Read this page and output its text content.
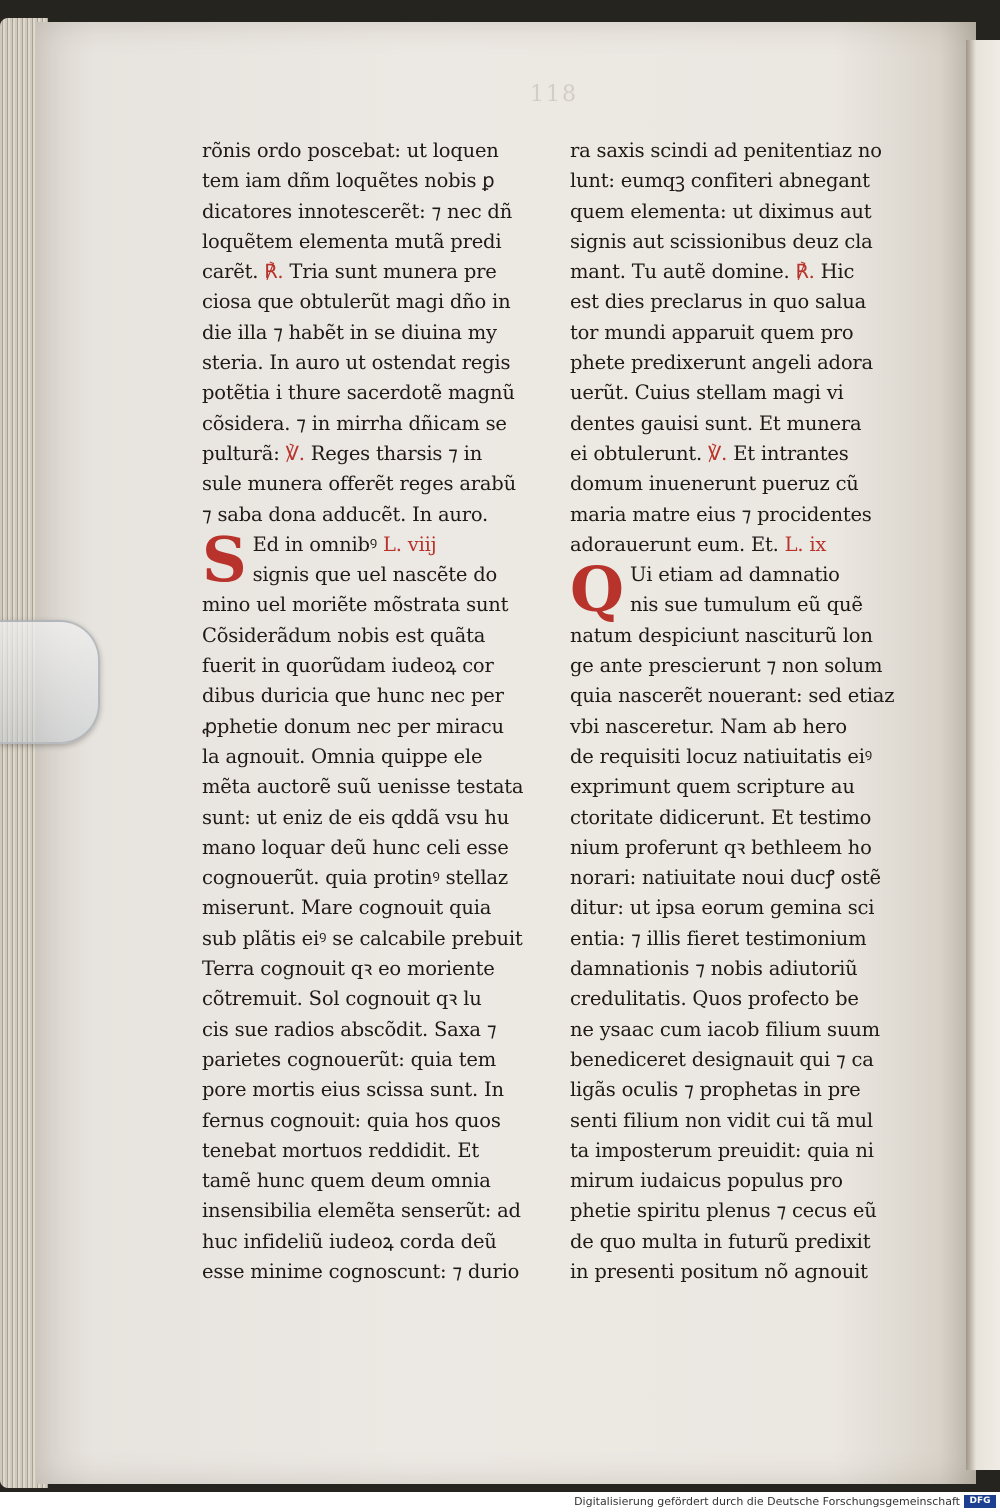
118
rõnis ordo poscebat: ut loquen
tem iam dñm loquẽtes nobis ꝑ
dicatores innotescerẽt: ⁊ nec dñ
loquẽtem elementa mutã predi
carẽt. ℟. Tria sunt munera pre
ciosa que obtulerũt magi dño in
die illa ⁊ habẽt in se diuina my
steria. In auro ut ostendat regis
potẽtia i thure sacerdotẽ magnũ
cõsidera. ⁊ in mirrha dñicam se
pulturã: ℣. Reges tharsis ⁊ in
sule munera offerẽt reges arabũ
⁊ saba dona adducẽt. In auro.
S Ed in omnibꝰ L. viij
signis que uel nascẽte do
mino uel moriẽte mõstrata sunt
Cõsiderãdum nobis est quãta
fuerit in quorũdam iudeoꝝ cor
dibus duricia que hunc nec per
ꝓphetie donum nec per miracu
la agnouit. Omnia quippe ele
mẽta auctorẽ suũ uenisse testata
sunt: ut eniz de eis qddã vsu hu
mano loquar deũ hunc celi esse
cognouerũt. quia protinꝰ stellaz
miserunt. Mare cognouit quia
sub plãtis eiꝰ se calcabile prebuit
Terra cognouit qꝛ eo moriente
cõtremuit. Sol cognouit qꝛ lu
cis sue radios abscõdit. Saxa ⁊
parietes cognouerũt: quia tem
pore mortis eius scissa sunt. In
fernus cognouit: quia hos quos
tenebat mortuos reddidit. Et
tamẽ hunc quem deum omnia
insensibilia elemẽta senserũt: ad
huc infideliũ iudeoꝝ corda deũ
esse minime cognoscunt: ⁊ durio
ra saxis scindi ad penitentiaz no
lunt: eumqꝫ confiteri abnegant
quem elementa: ut diximus aut
signis aut scissionibus deuz cla
mant. Tu autẽ domine. ℟. Hic
est dies preclarus in quo salua
tor mundi apparuit quem pro
phete predixerunt angeli adora
uerũt. Cuius stellam magi vi
dentes gauisi sunt. Et munera
ei obtulerunt. ℣. Et intrantes
domum inuenerunt pueruz cũ
maria matre eius ⁊ procidentes
adorauerunt eum. Et. L. ix
Q Ui etiam ad damnatio
nis sue tumulum eũ quẽ
natum despiciunt nasciturũ lon
ge ante prescierunt ⁊ non solum
quia nascerẽt nouerant: sed etiaz
vbi nasceretur. Nam ab hero
de requisiti locuz natiuitatis eiꝰ
exprimunt quem scripture au
ctoritate didicerunt. Et testimo
nium proferunt qꝛ bethleem ho
norari: natiuitate noui ducꝭ ostẽ
ditur: ut ipsa eorum gemina sci
entia: ⁊ illis fieret testimonium
damnationis ⁊ nobis adiutoriũ
credulitatis. Quos profecto be
ne ysaac cum iacob filium suum
benediceret designauit qui ⁊ ca
ligãs oculis ⁊ prophetas in pre
senti filium non vidit cui tã mul
ta imposterum preuidit: quia ni
mirum iudaicus populus pro
phetie spiritu plenus ⁊ cecus eũ
de quo multa in futurũ predixit
in presenti positum nõ agnouit
Digitalisierung gefördert durch die Deutsche Forschungsgemeinschaft	DFG
